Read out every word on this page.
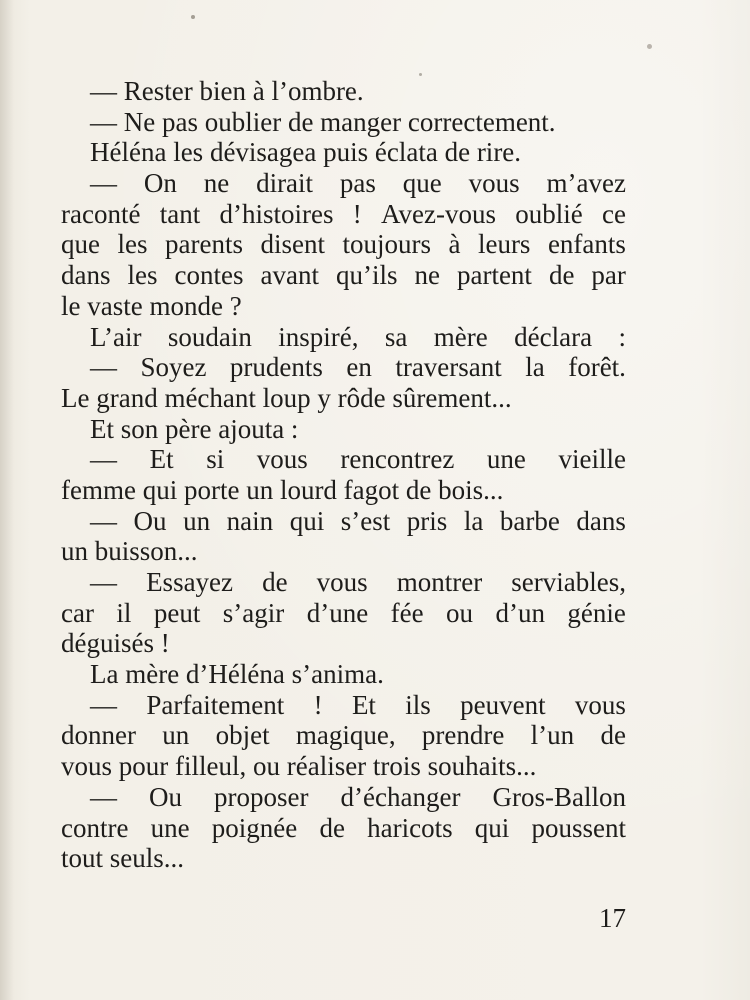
— Rester bien à l’ombre.
— Ne pas oublier de manger correctement.
Héléna les dévisagea puis éclata de rire.
— On ne dirait pas que vous m’avez
raconté tant d’histoires ! Avez-vous oublié ce
que les parents disent toujours à leurs enfants
dans les contes avant qu’ils ne partent de par
le vaste monde ?
L’air soudain inspiré, sa mère déclara :
— Soyez prudents en traversant la forêt.
Le grand méchant loup y rôde sûrement...
Et son père ajouta :
— Et si vous rencontrez une vieille
femme qui porte un lourd fagot de bois...
— Ou un nain qui s’est pris la barbe dans
un buisson...
— Essayez de vous montrer serviables,
car il peut s’agir d’une fée ou d’un génie
déguisés !
La mère d’Héléna s’anima.
— Parfaitement ! Et ils peuvent vous
donner un objet magique, prendre l’un de
vous pour filleul, ou réaliser trois souhaits...
— Ou proposer d’échanger Gros-Ballon
contre une poignée de haricots qui poussent
tout seuls...
17
